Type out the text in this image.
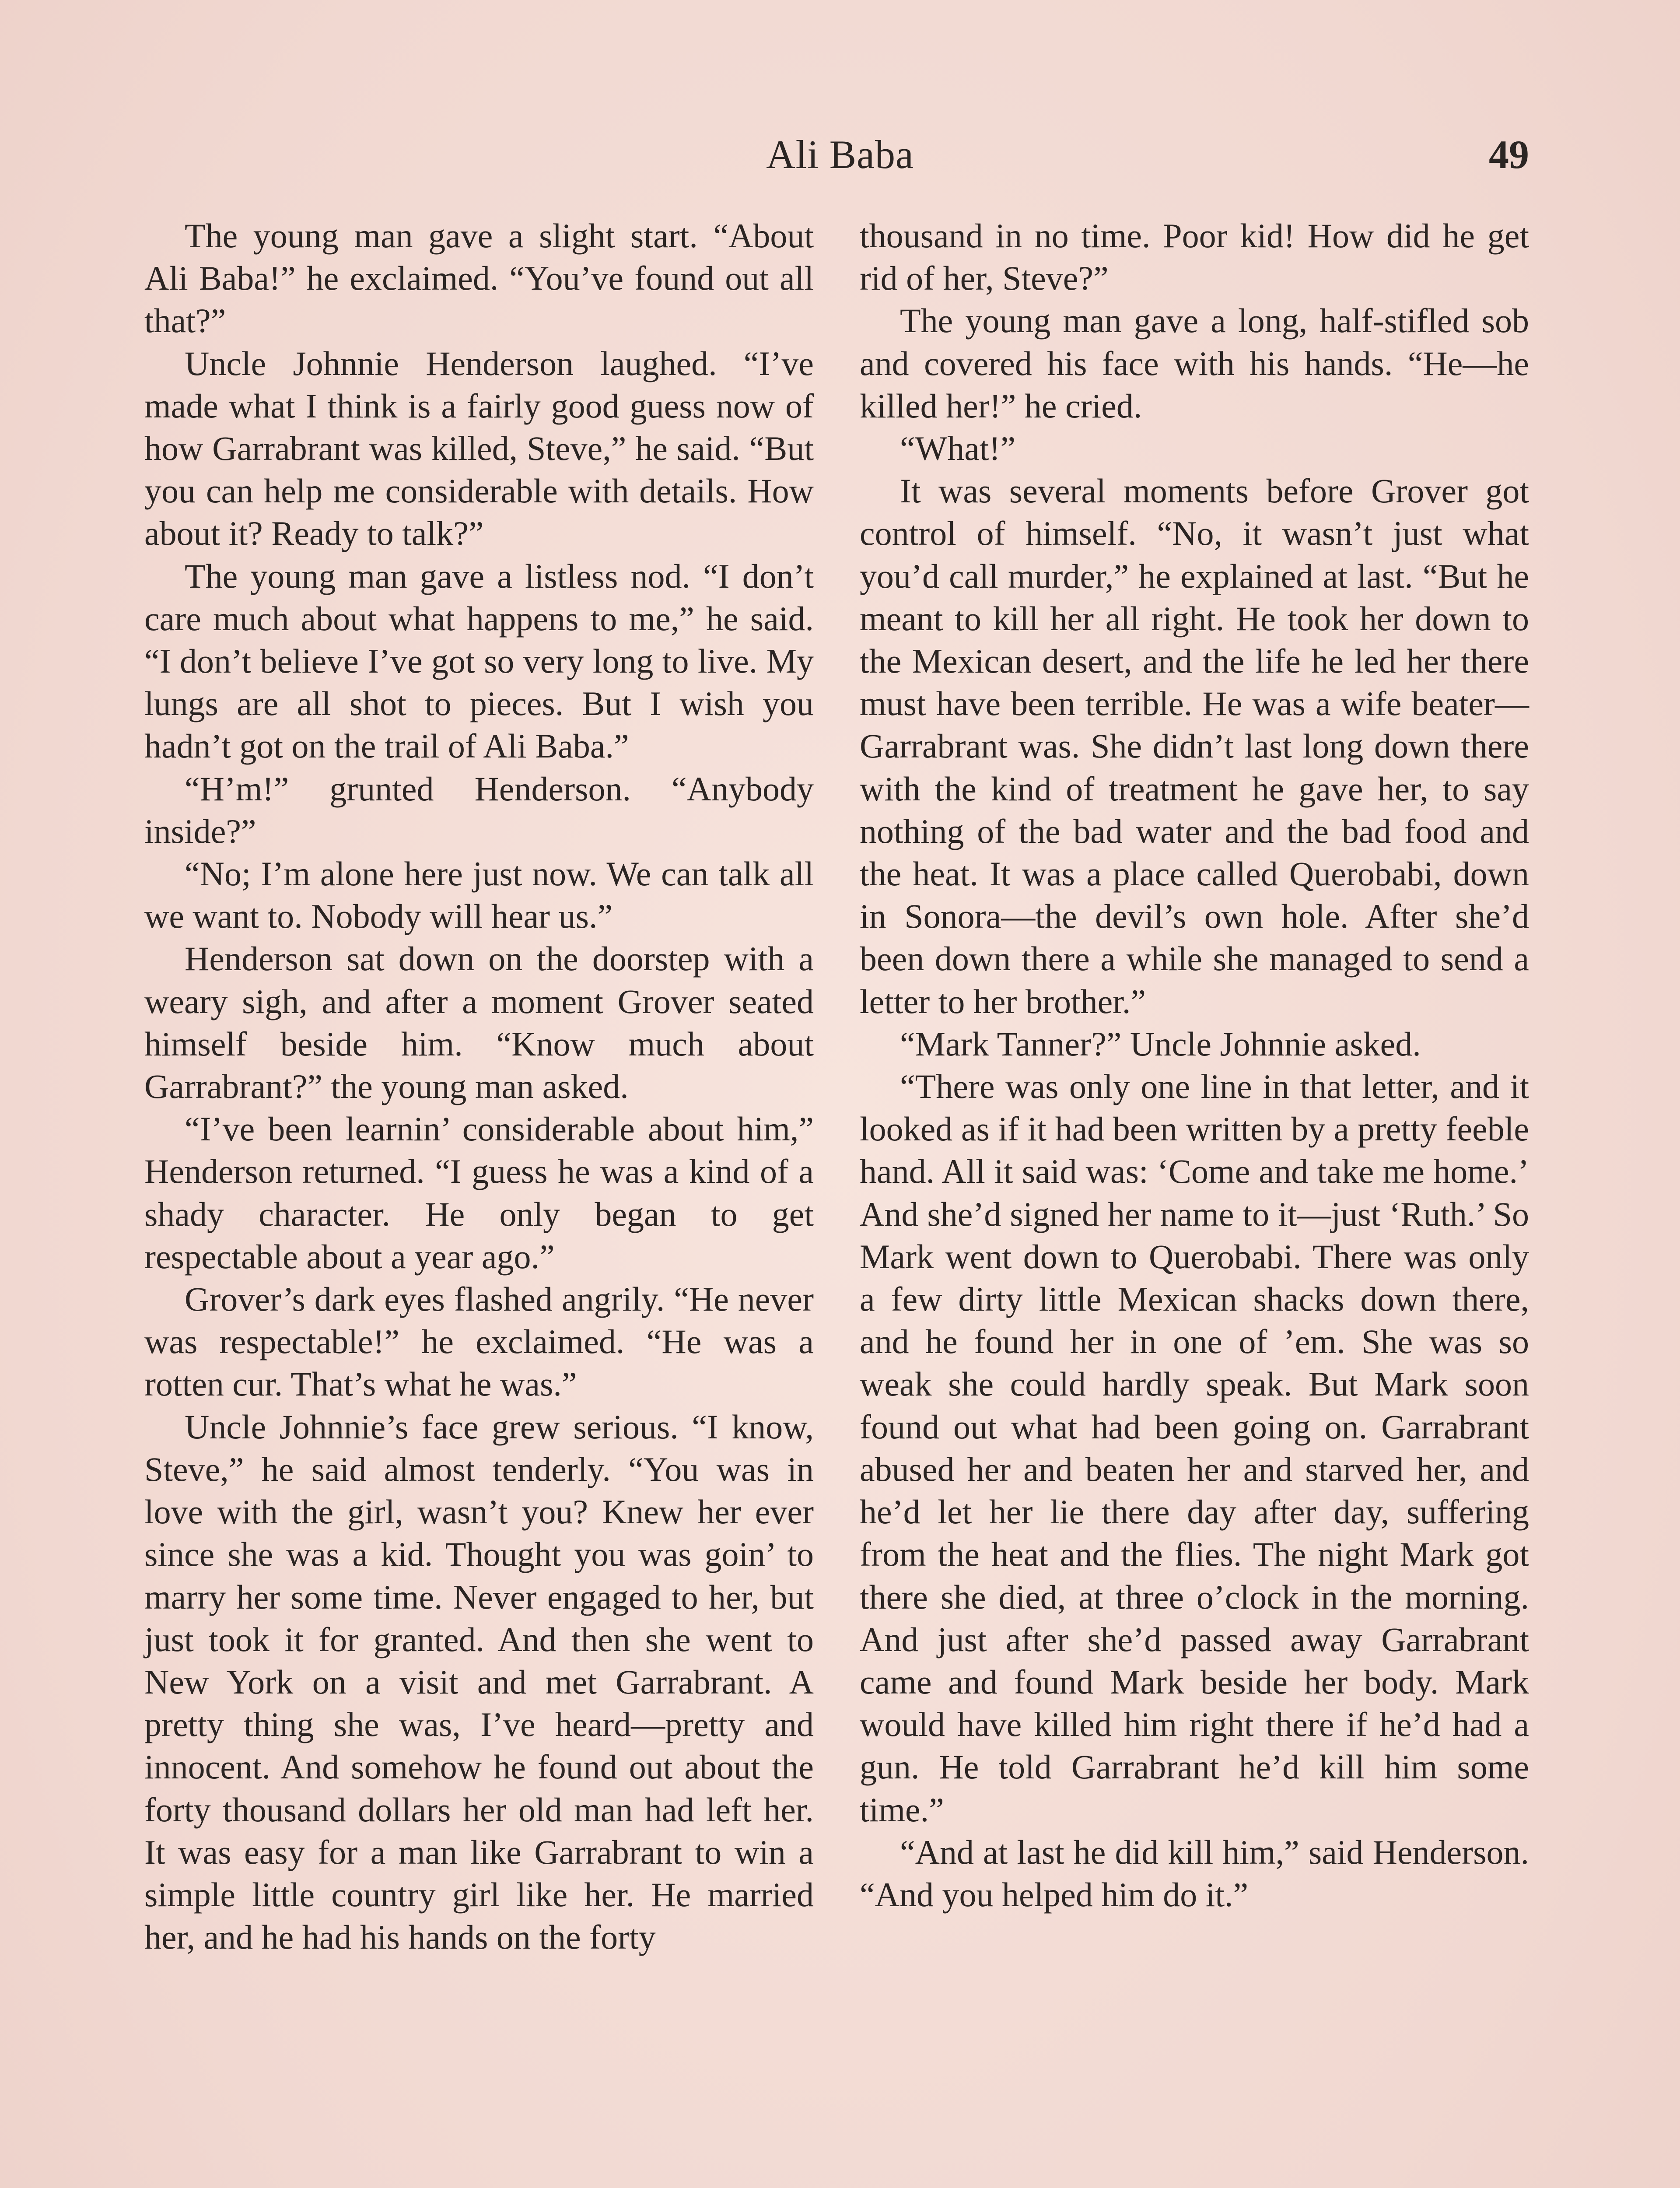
Ali Baba	49

The young man gave a slight start. “About Ali Baba!” he exclaimed. “You’ve found out all that?”

Uncle Johnnie Henderson laughed. “I’ve made what I think is a fairly good guess now of how Garrabrant was killed, Steve,” he said. “But you can help me considerable with details. How about it? Ready to talk?”

The young man gave a listless nod. “I don’t care much about what happens to me,” he said. “I don’t believe I’ve got so very long to live. My lungs are all shot to pieces. But I wish you hadn’t got on the trail of Ali Baba.”

“H’m!” grunted Henderson. “Anybody inside?”

“No; I’m alone here just now. We can talk all we want to. Nobody will hear us.”

Henderson sat down on the doorstep with a weary sigh, and after a moment Grover seated himself beside him. “Know much about Garrabrant?” the young man asked.

“I’ve been learnin’ considerable about him,” Henderson returned. “I guess he was a kind of a shady character. He only began to get respectable about a year ago.”

Grover’s dark eyes flashed angrily. “He never was respectable!” he exclaimed. “He was a rotten cur. That’s what he was.”

Uncle Johnnie’s face grew serious. “I know, Steve,” he said almost tenderly. “You was in love with the girl, wasn’t you? Knew her ever since she was a kid. Thought you was goin’ to marry her some time. Never engaged to her, but just took it for granted. And then she went to New York on a visit and met Garrabrant. A pretty thing she was, I’ve heard—pretty and innocent. And somehow he found out about the forty thousand dollars her old man had left her. It was easy for a man like Garrabrant to win a simple little country girl like her. He married her, and he had his hands on the forty

thousand in no time. Poor kid! How did he get rid of her, Steve?”

The young man gave a long, half-stifled sob and covered his face with his hands. “He—he killed her!” he cried.

“What!”

It was several moments before Grover got control of himself. “No, it wasn’t just what you’d call murder,” he explained at last. “But he meant to kill her all right. He took her down to the Mexican desert, and the life he led her there must have been terrible. He was a wife beater—Garrabrant was. She didn’t last long down there with the kind of treatment he gave her, to say nothing of the bad water and the bad food and the heat. It was a place called Querobabi, down in Sonora—the devil’s own hole. After she’d been down there a while she managed to send a letter to her brother.”

“Mark Tanner?” Uncle Johnnie asked.

“There was only one line in that letter, and it looked as if it had been written by a pretty feeble hand. All it said was: ‘Come and take me home.’ And she’d signed her name to it—just ‘Ruth.’ So Mark went down to Querobabi. There was only a few dirty little Mexican shacks down there, and he found her in one of ’em. She was so weak she could hardly speak. But Mark soon found out what had been going on. Garrabrant abused her and beaten her and starved her, and he’d let her lie there day after day, suffering from the heat and the flies. The night Mark got there she died, at three o’clock in the morning. And just after she’d passed away Garrabrant came and found Mark beside her body. Mark would have killed him right there if he’d had a gun. He told Garrabrant he’d kill him some time.”

“And at last he did kill him,” said Henderson. “And you helped him do it.”
